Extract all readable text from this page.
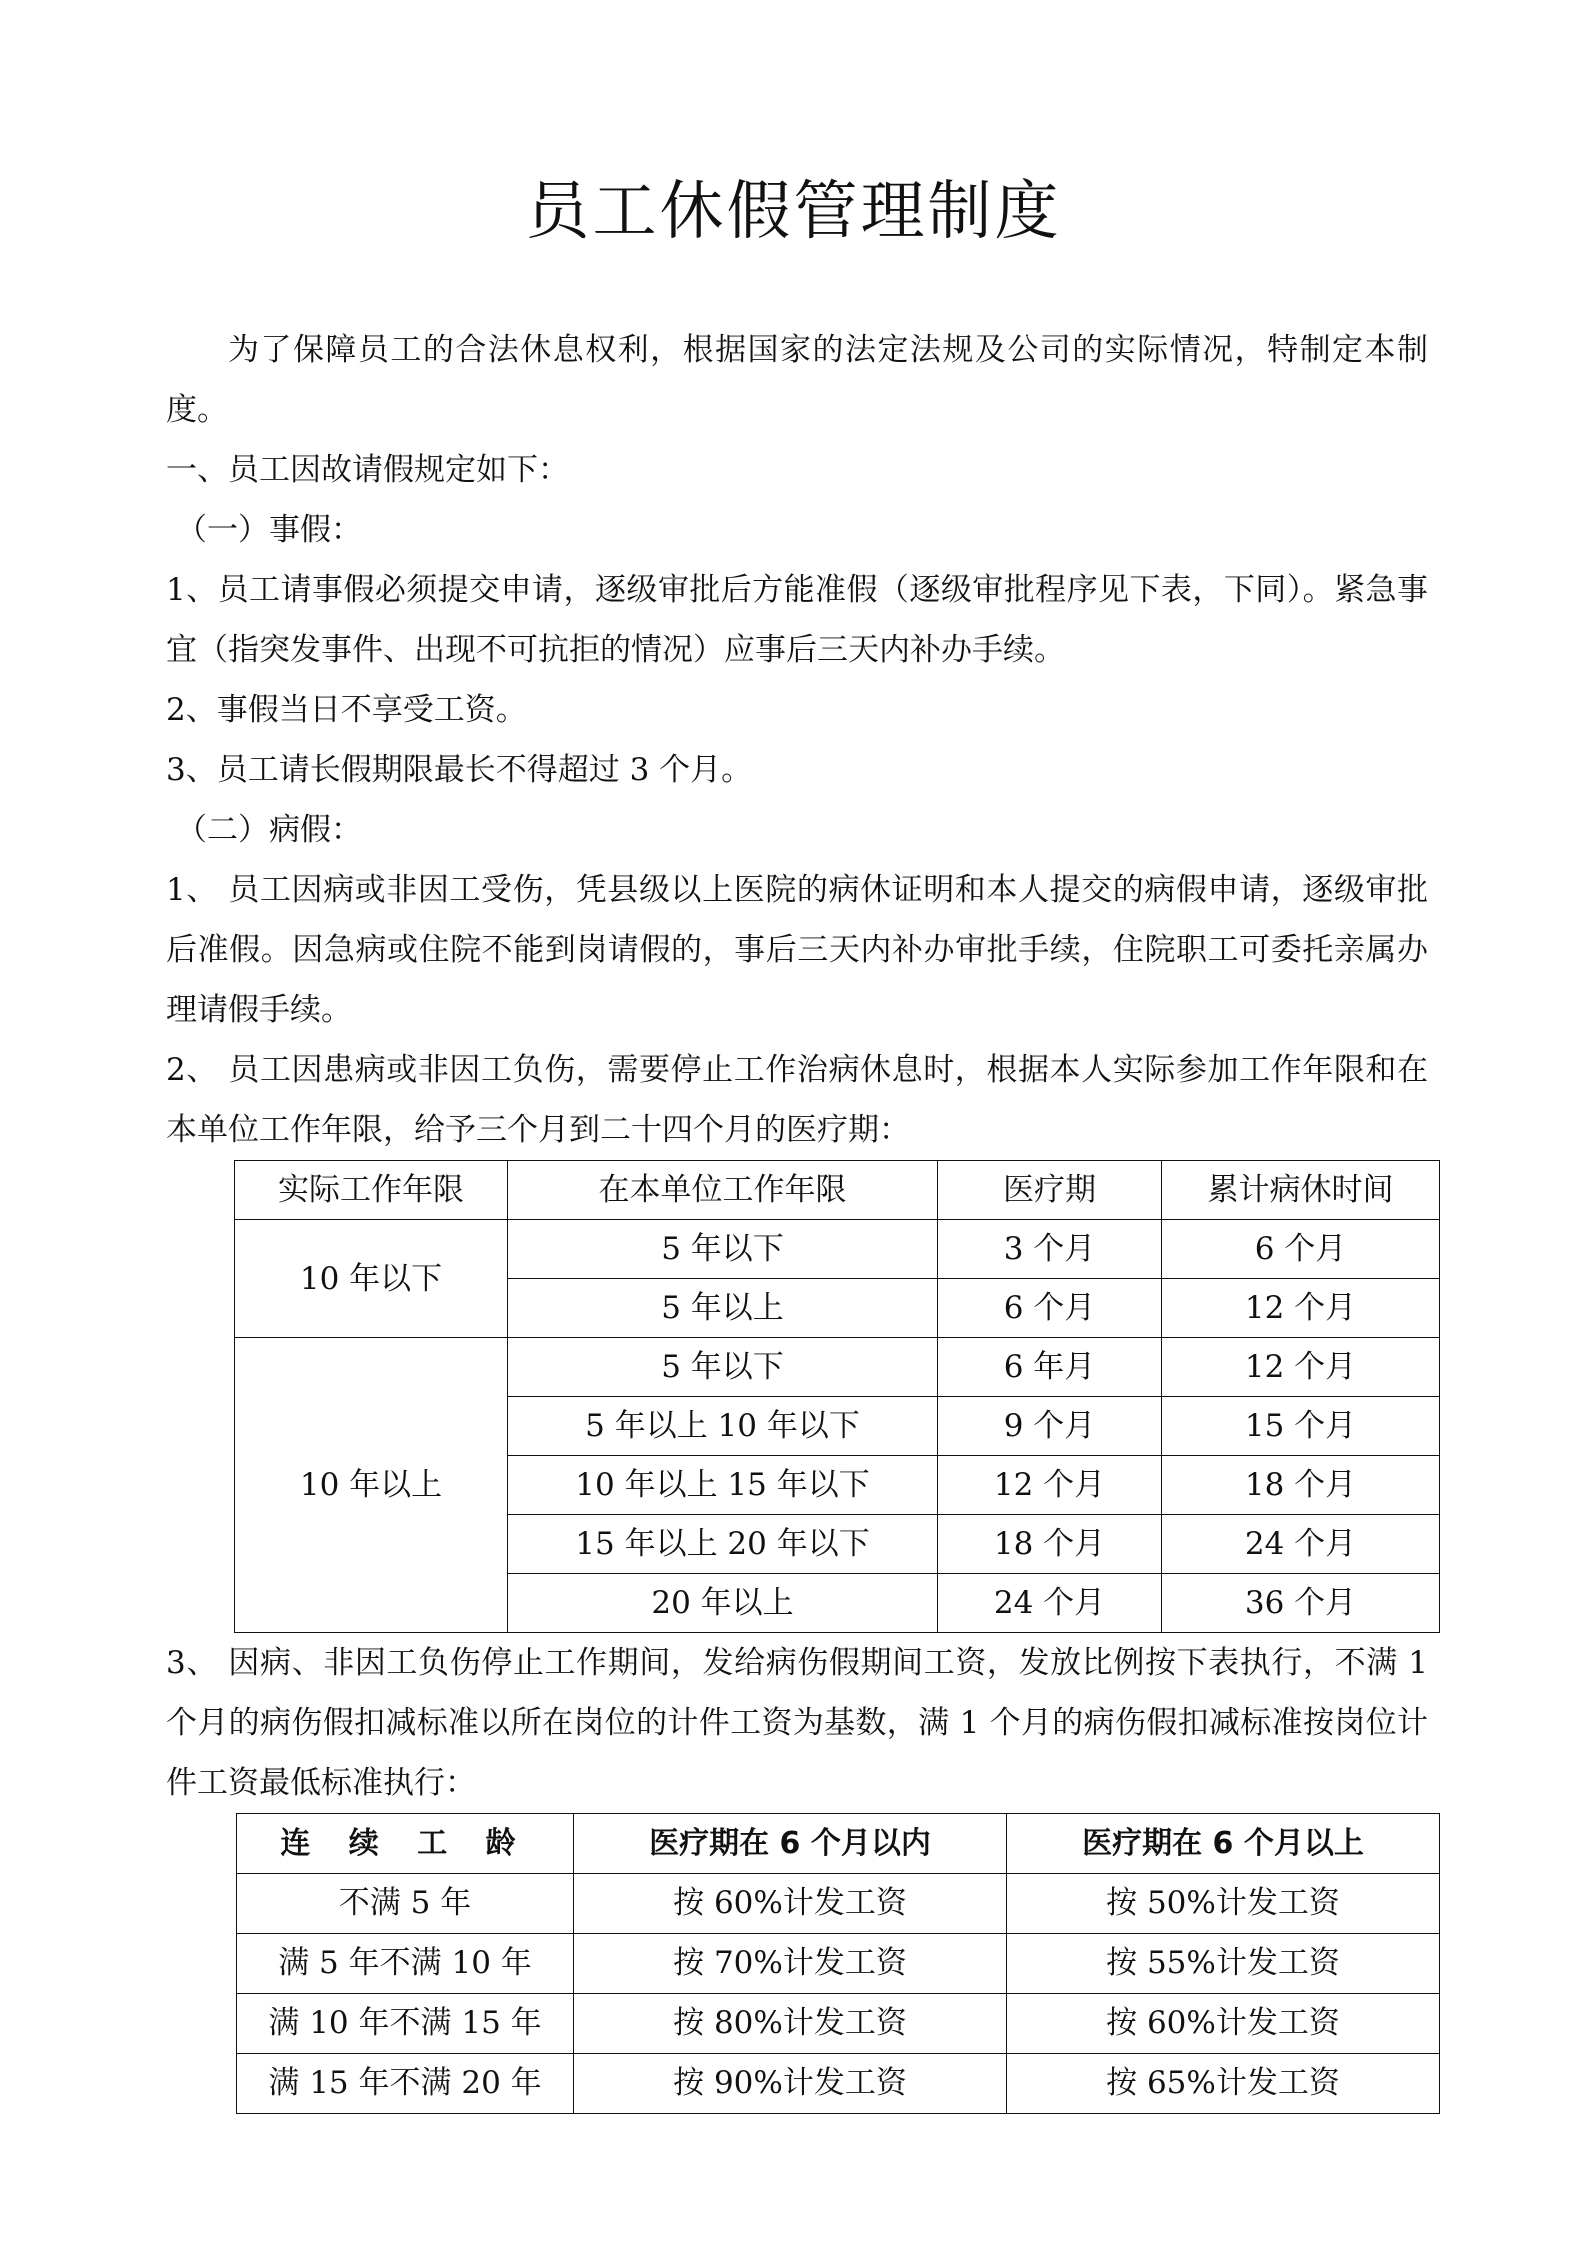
员工休假管理制度

为了保障员工的合法休息权利，根据国家的法定法规及公司的实际情况，特制定本制度。

一、员工因故请假规定如下：

（一）事假：

1、员工请事假必须提交申请，逐级审批后方能准假（逐级审批程序见下表，下同）。紧急事宜（指突发事件、出现不可抗拒的情况）应事后三天内补办手续。

2、事假当日不享受工资。

3、员工请长假期限最长不得超过 3 个月。

（二）病假：

1、 员工因病或非因工受伤，凭县级以上医院的病休证明和本人提交的病假申请，逐级审批后准假。因急病或住院不能到岗请假的，事后三天内补办审批手续，住院职工可委托亲属办理请假手续。

2、 员工因患病或非因工负伤，需要停止工作治病休息时，根据本人实际参加工作年限和在本单位工作年限，给予三个月到二十四个月的医疗期：

实际工作年限	在本单位工作年限	医疗期	累计病休时间
10 年以下	5 年以下	3 个月	6 个月
	5 年以上	6 个月	12 个月
10 年以上	5 年以下	6 年月	12 个月
	5 年以上 10 年以下	9 个月	15 个月
	10 年以上 15 年以下	12 个月	18 个月
	15 年以上 20 年以下	18 个月	24 个月
	20 年以上	24 个月	36 个月

3、 因病、非因工负伤停止工作期间，发给病伤假期间工资，发放比例按下表执行，不满 1 个月的病伤假扣减标准以所在岗位的计件工资为基数，满 1 个月的病伤假扣减标准按岗位计件工资最低标准执行：

连 续 工 龄	医疗期在 6 个月以内	医疗期在 6 个月以上
不满 5 年	按 60%计发工资	按 50%计发工资
满 5 年不满 10 年	按 70%计发工资	按 55%计发工资
满 10 年不满 15 年	按 80%计发工资	按 60%计发工资
满 15 年不满 20 年	按 90%计发工资	按 65%计发工资
